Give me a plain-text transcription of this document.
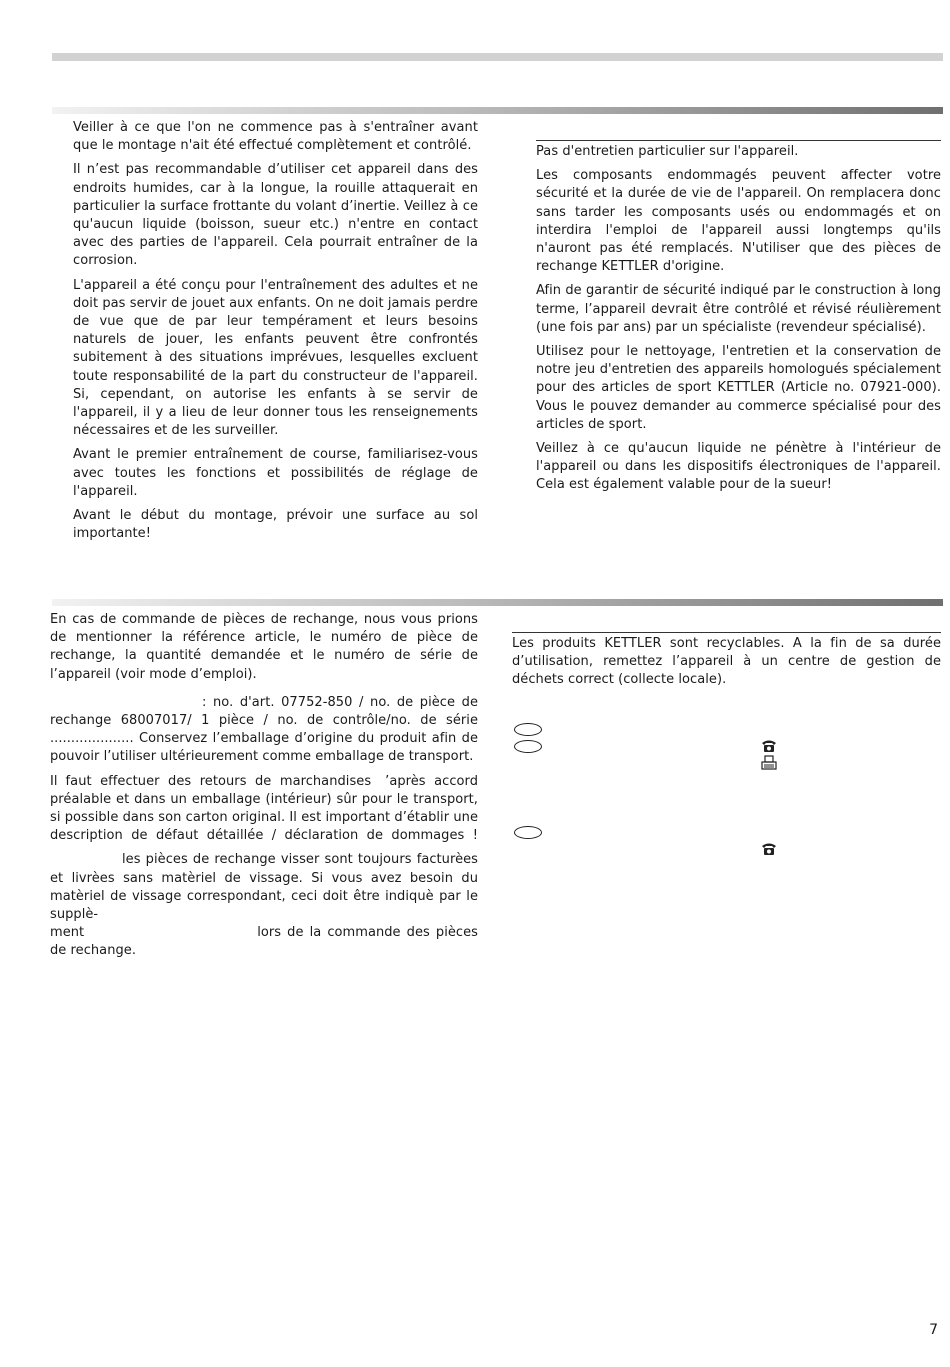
Veiller à ce que l'on ne commence pas à s'entraîner avant que le montage n'ait été effectué complètement et contrôlé.

Il n’est pas recommandable d’utiliser cet appareil dans des endroits humides, car à la longue, la rouille attaquerait en particulier la surface frottante du volant d’inertie. Veillez à ce qu'aucun liquide (boisson, sueur etc.) n'entre en contact avec des parties de l'appareil. Cela pourrait entraîner de la corrosion.

L'appareil a été conçu pour l'entraînement des adultes et ne doit pas servir de jouet aux enfants. On ne doit jamais perdre de vue que de par leur tempérament et leurs besoins naturels de jouer, les enfants peuvent être confrontés subitement à des situations imprévues, lesquelles excluent toute responsabilité de la part du constructeur de l'appareil. Si, cependant, on autorise les enfants à se servir de l'appareil, il y a lieu de leur donner tous les renseignements nécessaires et de les surveiller.

Avant le premier entraînement de course, familiarisez-vous avec toutes les fonctions et possibilités de réglage de l'appareil.

Avant le début du montage, prévoir une surface au sol importante!

Pas d'entretien particulier sur l'appareil.

Les composants endommagés peuvent affecter votre sécurité et la durée de vie de l'appareil. On remplacera donc sans tarder les composants usés ou endommagés et on interdira l'emploi de l'appareil aussi longtemps qu'ils n'auront pas été remplacés. N'utiliser que des pièces de rechange KETTLER d'origine.

Afin de garantir de sécurité indiqué par le construction à long terme, l’appareil devrait être contrôlé et révisé réulièrement (une fois par ans) par un spécialiste (revendeur spécialisé).

Utilisez pour le nettoyage, l'entretien et la conservation de notre jeu d'entretien des appareils homologués spécialement pour des articles de sport KETTLER (Article no. 07921-000). Vous le pouvez demander au commerce spécialisé pour des articles de sport.

Veillez à ce qu'aucun liquide ne pénètre à l'intérieur de l'appareil ou dans les dispositifs électroniques de l'appareil. Cela est également valable pour de la sueur!

En cas de commande de pièces de rechange, nous vous prions de mentionner la référence article, le numéro de pièce de rechange, la quantité demandée et le numéro de série de l’appareil (voir mode d’emploi).

: no. d'art. 07752-850 / no. de pièce de rechange 68007017/ 1 pièce / no. de contrôle/no. de série .................... Conservez l’emballage d’origine du produit afin de pouvoir l’utiliser ultérieurement comme emballage de transport.

Il faut effectuer des retours de marchandises ’après accord préalable et dans un emballage (intérieur) sûr pour le transport, si possible dans son carton original. Il est important d’établir une description de défaut détaillée / déclaration de dommages !

les pièces de rechange visser sont toujours facturèes et livrèes sans matèriel de vissage. Si vous avez besoin du matèriel de vissage correspondant, ceci doit être indiquè par le supplè-

ment	lors de la commande des pièces

de rechange.

Les produits KETTLER sont recyclables. A la fin de sa durée d’utilisation, remettez l’appareil à un centre de gestion de déchets correct (collecte locale).

7
